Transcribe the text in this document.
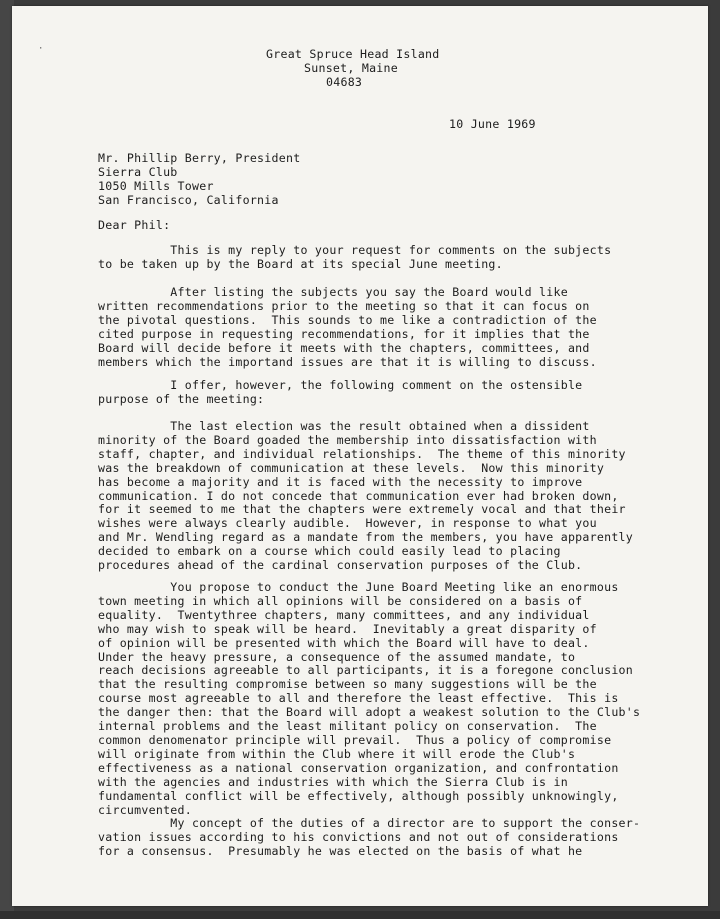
·	Great Spruce Head Island
Sunset, Maine
04683
10 June 1969
Mr. Phillip Berry, President
Sierra Club
1050 Mills Tower
San Francisco, California
Dear Phil:
This is my reply to your request for comments on the subjects
to be taken up by the Board at its special June meeting.
After listing the subjects you say the Board would like
written recommendations prior to the meeting so that it can focus on
the pivotal questions.  This sounds to me like a contradiction of the
cited purpose in requesting recommendations, for it implies that the
Board will decide before it meets with the chapters, committees, and
members which the importand issues are that it is willing to discuss.
I offer, however, the following comment on the ostensible
purpose of the meeting:
The last election was the result obtained when a dissident
minority of the Board goaded the membership into dissatisfaction with
staff, chapter, and individual relationships.  The theme of this minority
was the breakdown of communication at these levels.  Now this minority
has become a majority and it is faced with the necessity to improve
communication. I do not concede that communication ever had broken down,
for it seemed to me that the chapters were extremely vocal and that their
wishes were always clearly audible.  However, in response to what you
and Mr. Wendling regard as a mandate from the members, you have apparently
decided to embark on a course which could easily lead to placing
procedures ahead of the cardinal conservation purposes of the Club.
You propose to conduct the June Board Meeting like an enormous
town meeting in which all opinions will be considered on a basis of
equality.  Twentythree chapters, many committees, and any individual
who may wish to speak will be heard.  Inevitably a great disparity of
of opinion will be presented with which the Board will have to deal.
Under the heavy pressure, a consequence of the assumed mandate, to
reach decisions agreeable to all participants, it is a foregone conclusion
that the resulting compromise between so many suggestions will be the
course most agreeable to all and therefore the least effective.  This is
the danger then: that the Board will adopt a weakest solution to the Club's
internal problems and the least militant policy on conservation.  The
common denomenator principle will prevail.  Thus a policy of compromise
will originate from within the Club where it will erode the Club's
effectiveness as a national conservation organization, and confrontation
with the agencies and industries with which the Sierra Club is in
fundamental conflict will be effectively, although possibly unknowingly,
circumvented.
My concept of the duties of a director are to support the conser-
vation issues according to his convictions and not out of considerations
for a consensus.  Presumably he was elected on the basis of what he
